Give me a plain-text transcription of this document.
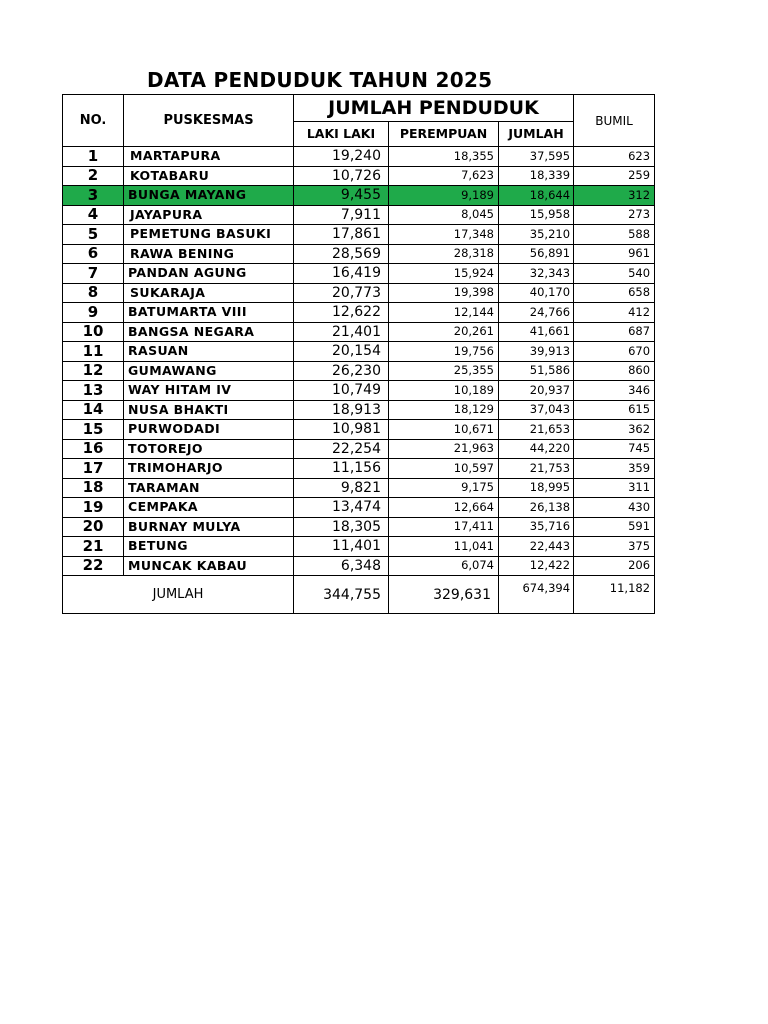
DATA PENDUDUK TAHUN 2025
NO.	PUSKESMAS	JUMLAH PENDUDUK			BUMIL
		LAKI LAKI	PEREMPUAN	JUMLAH	
1	MARTAPURA	19,240	18,355	37,595	623
2	KOTABARU	10,726	7,623	18,339	259
3	BUNGA MAYANG	9,455	9,189	18,644	312
4	JAYAPURA	7,911	8,045	15,958	273
5	PEMETUNG BASUKI	17,861	17,348	35,210	588
6	RAWA BENING	28,569	28,318	56,891	961
7	PANDAN AGUNG	16,419	15,924	32,343	540
8	SUKARAJA	20,773	19,398	40,170	658
9	BATUMARTA VIII	12,622	12,144	24,766	412
10	BANGSA NEGARA	21,401	20,261	41,661	687
11	RASUAN	20,154	19,756	39,913	670
12	GUMAWANG	26,230	25,355	51,586	860
13	WAY HITAM IV	10,749	10,189	20,937	346
14	NUSA BHAKTI	18,913	18,129	37,043	615
15	PURWODADI	10,981	10,671	21,653	362
16	TOTOREJO	22,254	21,963	44,220	745
17	TRIMOHARJO	11,156	10,597	21,753	359
18	TARAMAN	9,821	9,175	18,995	311
19	CEMPAKA	13,474	12,664	26,138	430
20	BURNAY MULYA	18,305	17,411	35,716	591
21	BETUNG	11,401	11,041	22,443	375
22	MUNCAK KABAU	6,348	6,074	12,422	206
JUMLAH		344,755	329,631	674,394	11,182
